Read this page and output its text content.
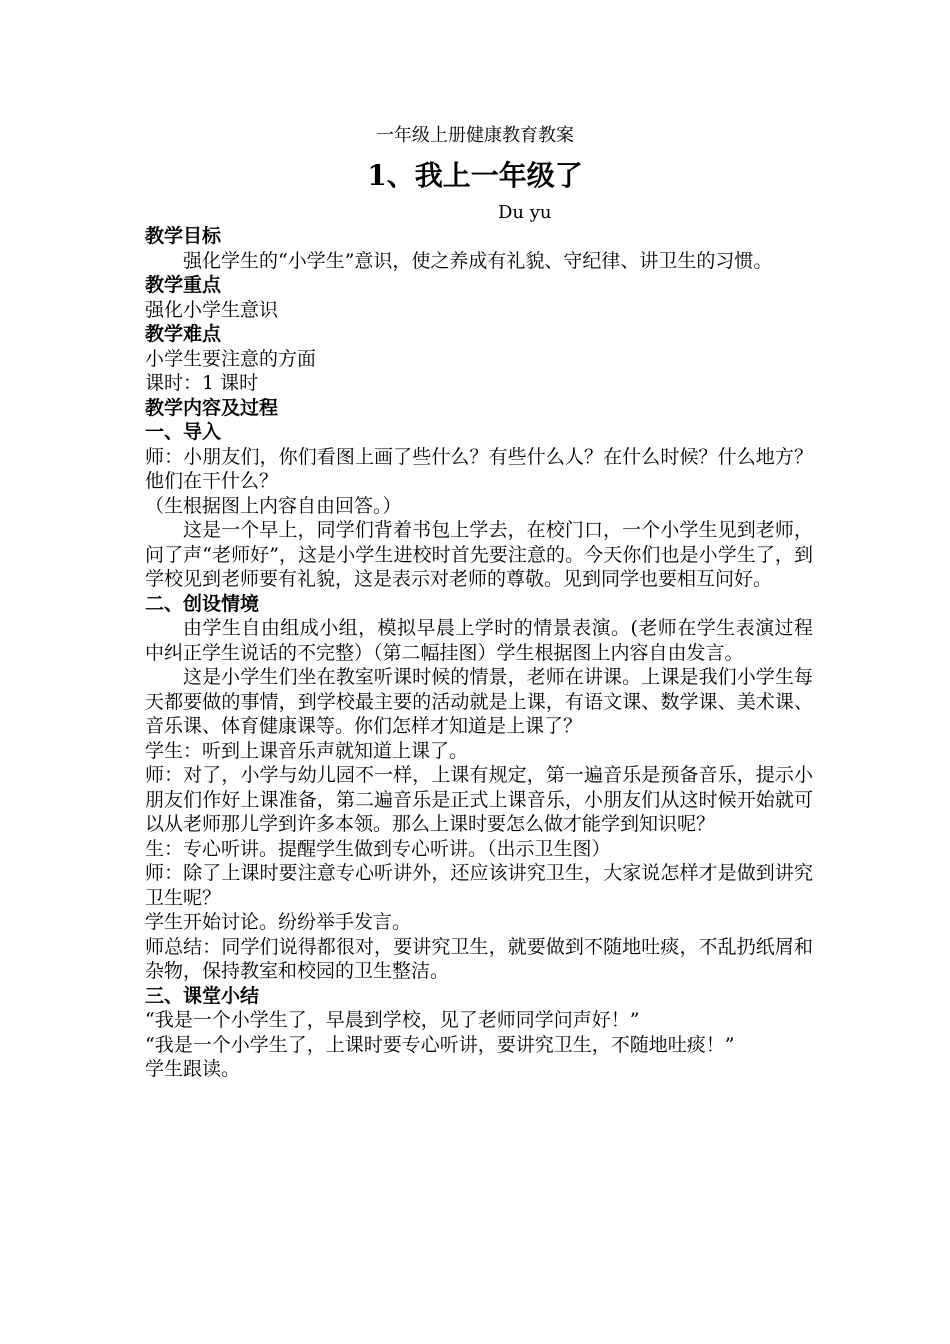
一年级上册健康教育教案
1、我上一年级了
Du yu

教学目标

强化学生的“小学生”意识，使之养成有礼貌、守纪律、讲卫生的习惯。

教学重点

强化小学生意识

教学难点

小学生要注意的方面

课时：1 课时

教学内容及过程

一、导入

师：小朋友们，你们看图上画了些什么？有些什么人？在什么时候？什么地方？他们在干什么？

（生根据图上内容自由回答。）

这是一个早上，同学们背着书包上学去，在校门口，一个小学生见到老师，问了声“老师好”，这是小学生进校时首先要注意的。今天你们也是小学生了，到学校见到老师要有礼貌，这是表示对老师的尊敬。见到同学也要相互问好。

二、创设情境

由学生自由组成小组，模拟早晨上学时的情景表演。(老师在学生表演过程中纠正学生说话的不完整）（第二幅挂图）学生根据图上内容自由发言。

这是小学生们坐在教室听课时候的情景，老师在讲课。上课是我们小学生每天都要做的事情，到学校最主要的活动就是上课，有语文课、数学课、美术课、音乐课、体育健康课等。你们怎样才知道是上课了？

学生：听到上课音乐声就知道上课了。

师：对了，小学与幼儿园不一样，上课有规定，第一遍音乐是预备音乐，提示小朋友们作好上课准备，第二遍音乐是正式上课音乐，小朋友们从这时候开始就可以从老师那儿学到许多本领。那么上课时要怎么做才能学到知识呢？

生：专心听讲。提醒学生做到专心听讲。（出示卫生图）

师：除了上课时要注意专心听讲外，还应该讲究卫生，大家说怎样才是做到讲究卫生呢？

学生开始讨论。纷纷举手发言。

师总结：同学们说得都很对，要讲究卫生，就要做到不随地吐痰，不乱扔纸屑和杂物，保持教室和校园的卫生整洁。

三、课堂小结

“我是一个小学生了，早晨到学校，见了老师同学问声好！”

“我是一个小学生了，上课时要专心听讲，要讲究卫生，不随地吐痰！”

学生跟读。
